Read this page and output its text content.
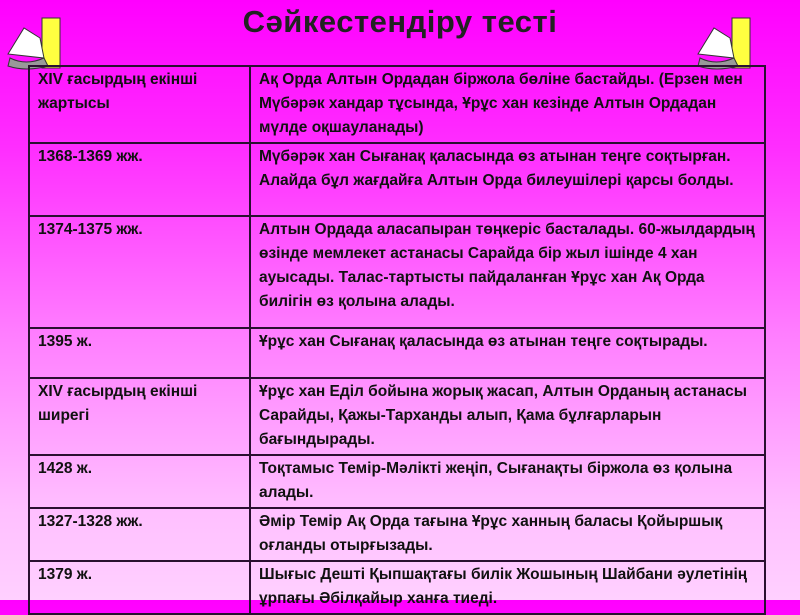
Сәйкестендіру тесті
XIV ғасырдың екінші жартысы	Ақ Орда Алтын Ордадан біржола бөліне бастайды. (Ерзен мен Мүбәрәк хандар тұсында, Ұрұс хан кезінде Алтын Ордадан мүлде оқшауланады)
1368-1369 жж.	Мүбәрәк хан Сығанақ қаласында өз атынан теңге соқтырған. Алайда бұл жағдайға Алтын Орда билеушілері қарсы болды.
1374-1375 жж.	Алтын Ордада аласапыран төңкеріс басталады. 60-жылдардың өзінде мемлекет астанасы Сарайда бір жыл ішінде 4 хан ауысады. Талас-тартысты пайдаланған Ұрұс хан Ақ Орда билігін өз қолына алады.
1395 ж.	Ұрұс хан Сығанақ қаласында өз атынан теңге соқтырады.
XIV ғасырдың екінші ширегі	Ұрұс хан Еділ бойына жорық жасап, Алтын Орданың астанасы Сарайды, Қажы-Тарханды алып, Қама бұлғарларын бағындырады.
1428 ж.	Тоқтамыс Темір-Мәлікті жеңіп, Сығанақты біржола өз қолына алады.
1327-1328 жж.	Әмір Темір Ақ Орда тағына Ұрұс ханның баласы Қойыршық оғланды отырғызады.
1379 ж.	Шығыс Дешті Қыпшақтағы билік Жошының Шайбани әулетінің ұрпағы Әбілқайыр ханға тиеді.
